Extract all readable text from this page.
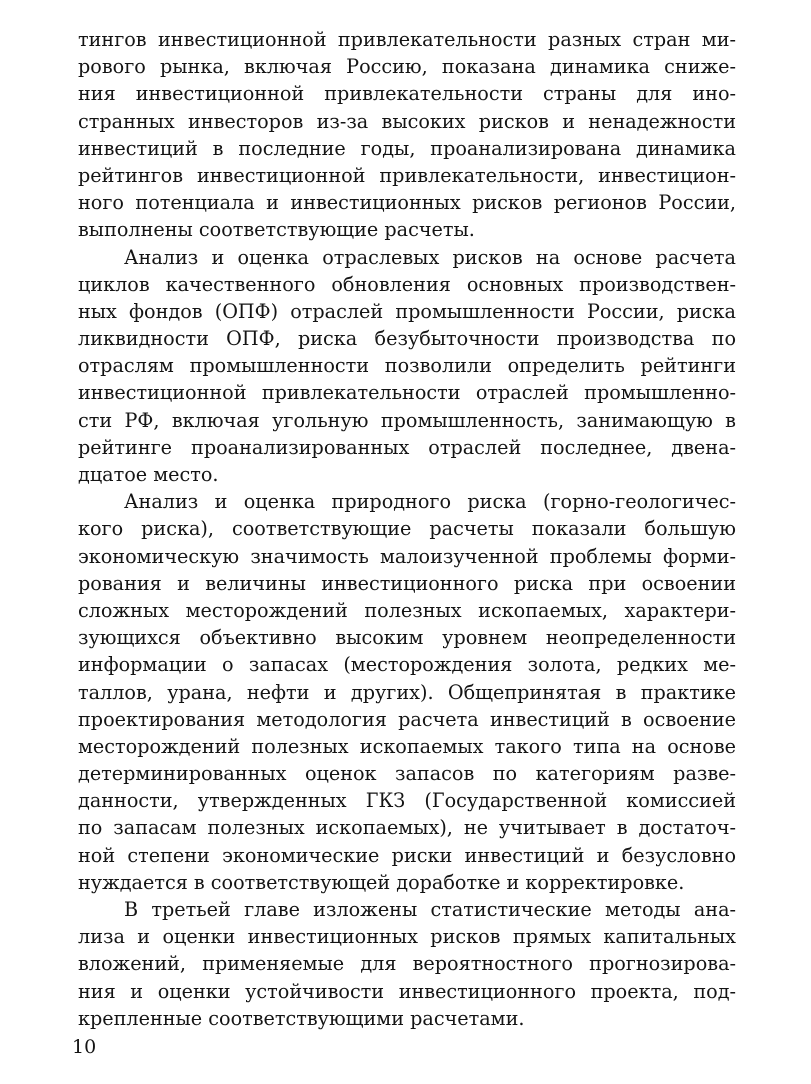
тингов инвестиционной привлекательности разных стран ми-
рового рынка, включая Россию, показана динамика сниже-
ния инвестиционной привлекательности страны для ино-
странных инвесторов из-за высоких рисков и ненадежности
инвестиций в последние годы, проанализирована динамика
рейтингов инвестиционной привлекательности, инвестицион-
ного потенциала и инвестиционных рисков регионов России,
выполнены соответствующие расчеты.
Анализ и оценка отраслевых рисков на основе расчета
циклов качественного обновления основных производствен-
ных фондов (ОПФ) отраслей промышленности России, риска
ликвидности ОПФ, риска безубыточности производства по
отраслям промышленности позволили определить рейтинги
инвестиционной привлекательности отраслей промышленно-
сти РФ, включая угольную промышленность, занимающую в
рейтинге проанализированных отраслей последнее, двена-
дцатое место.
Анализ и оценка природного риска (горно-геологичес-
кого риска), соответствующие расчеты показали большую
экономическую значимость малоизученной проблемы форми-
рования и величины инвестиционного риска при освоении
сложных месторождений полезных ископаемых, характери-
зующихся объективно высоким уровнем неопределенности
информации о запасах (месторождения золота, редких ме-
таллов, урана, нефти и других). Общепринятая в практике
проектирования методология расчета инвестиций в освоение
месторождений полезных ископаемых такого типа на основе
детерминированных оценок запасов по категориям разве-
данности, утвержденных ГКЗ (Государственной комиссией
по запасам полезных ископаемых), не учитывает в достаточ-
ной степени экономические риски инвестиций и безусловно
нуждается в соответствующей доработке и корректировке.
В третьей главе изложены статистические методы ана-
лиза и оценки инвестиционных рисков прямых капитальных
вложений, применяемые для вероятностного прогнозирова-
ния и оценки устойчивости инвестиционного проекта, под-
крепленные соответствующими расчетами.
10
